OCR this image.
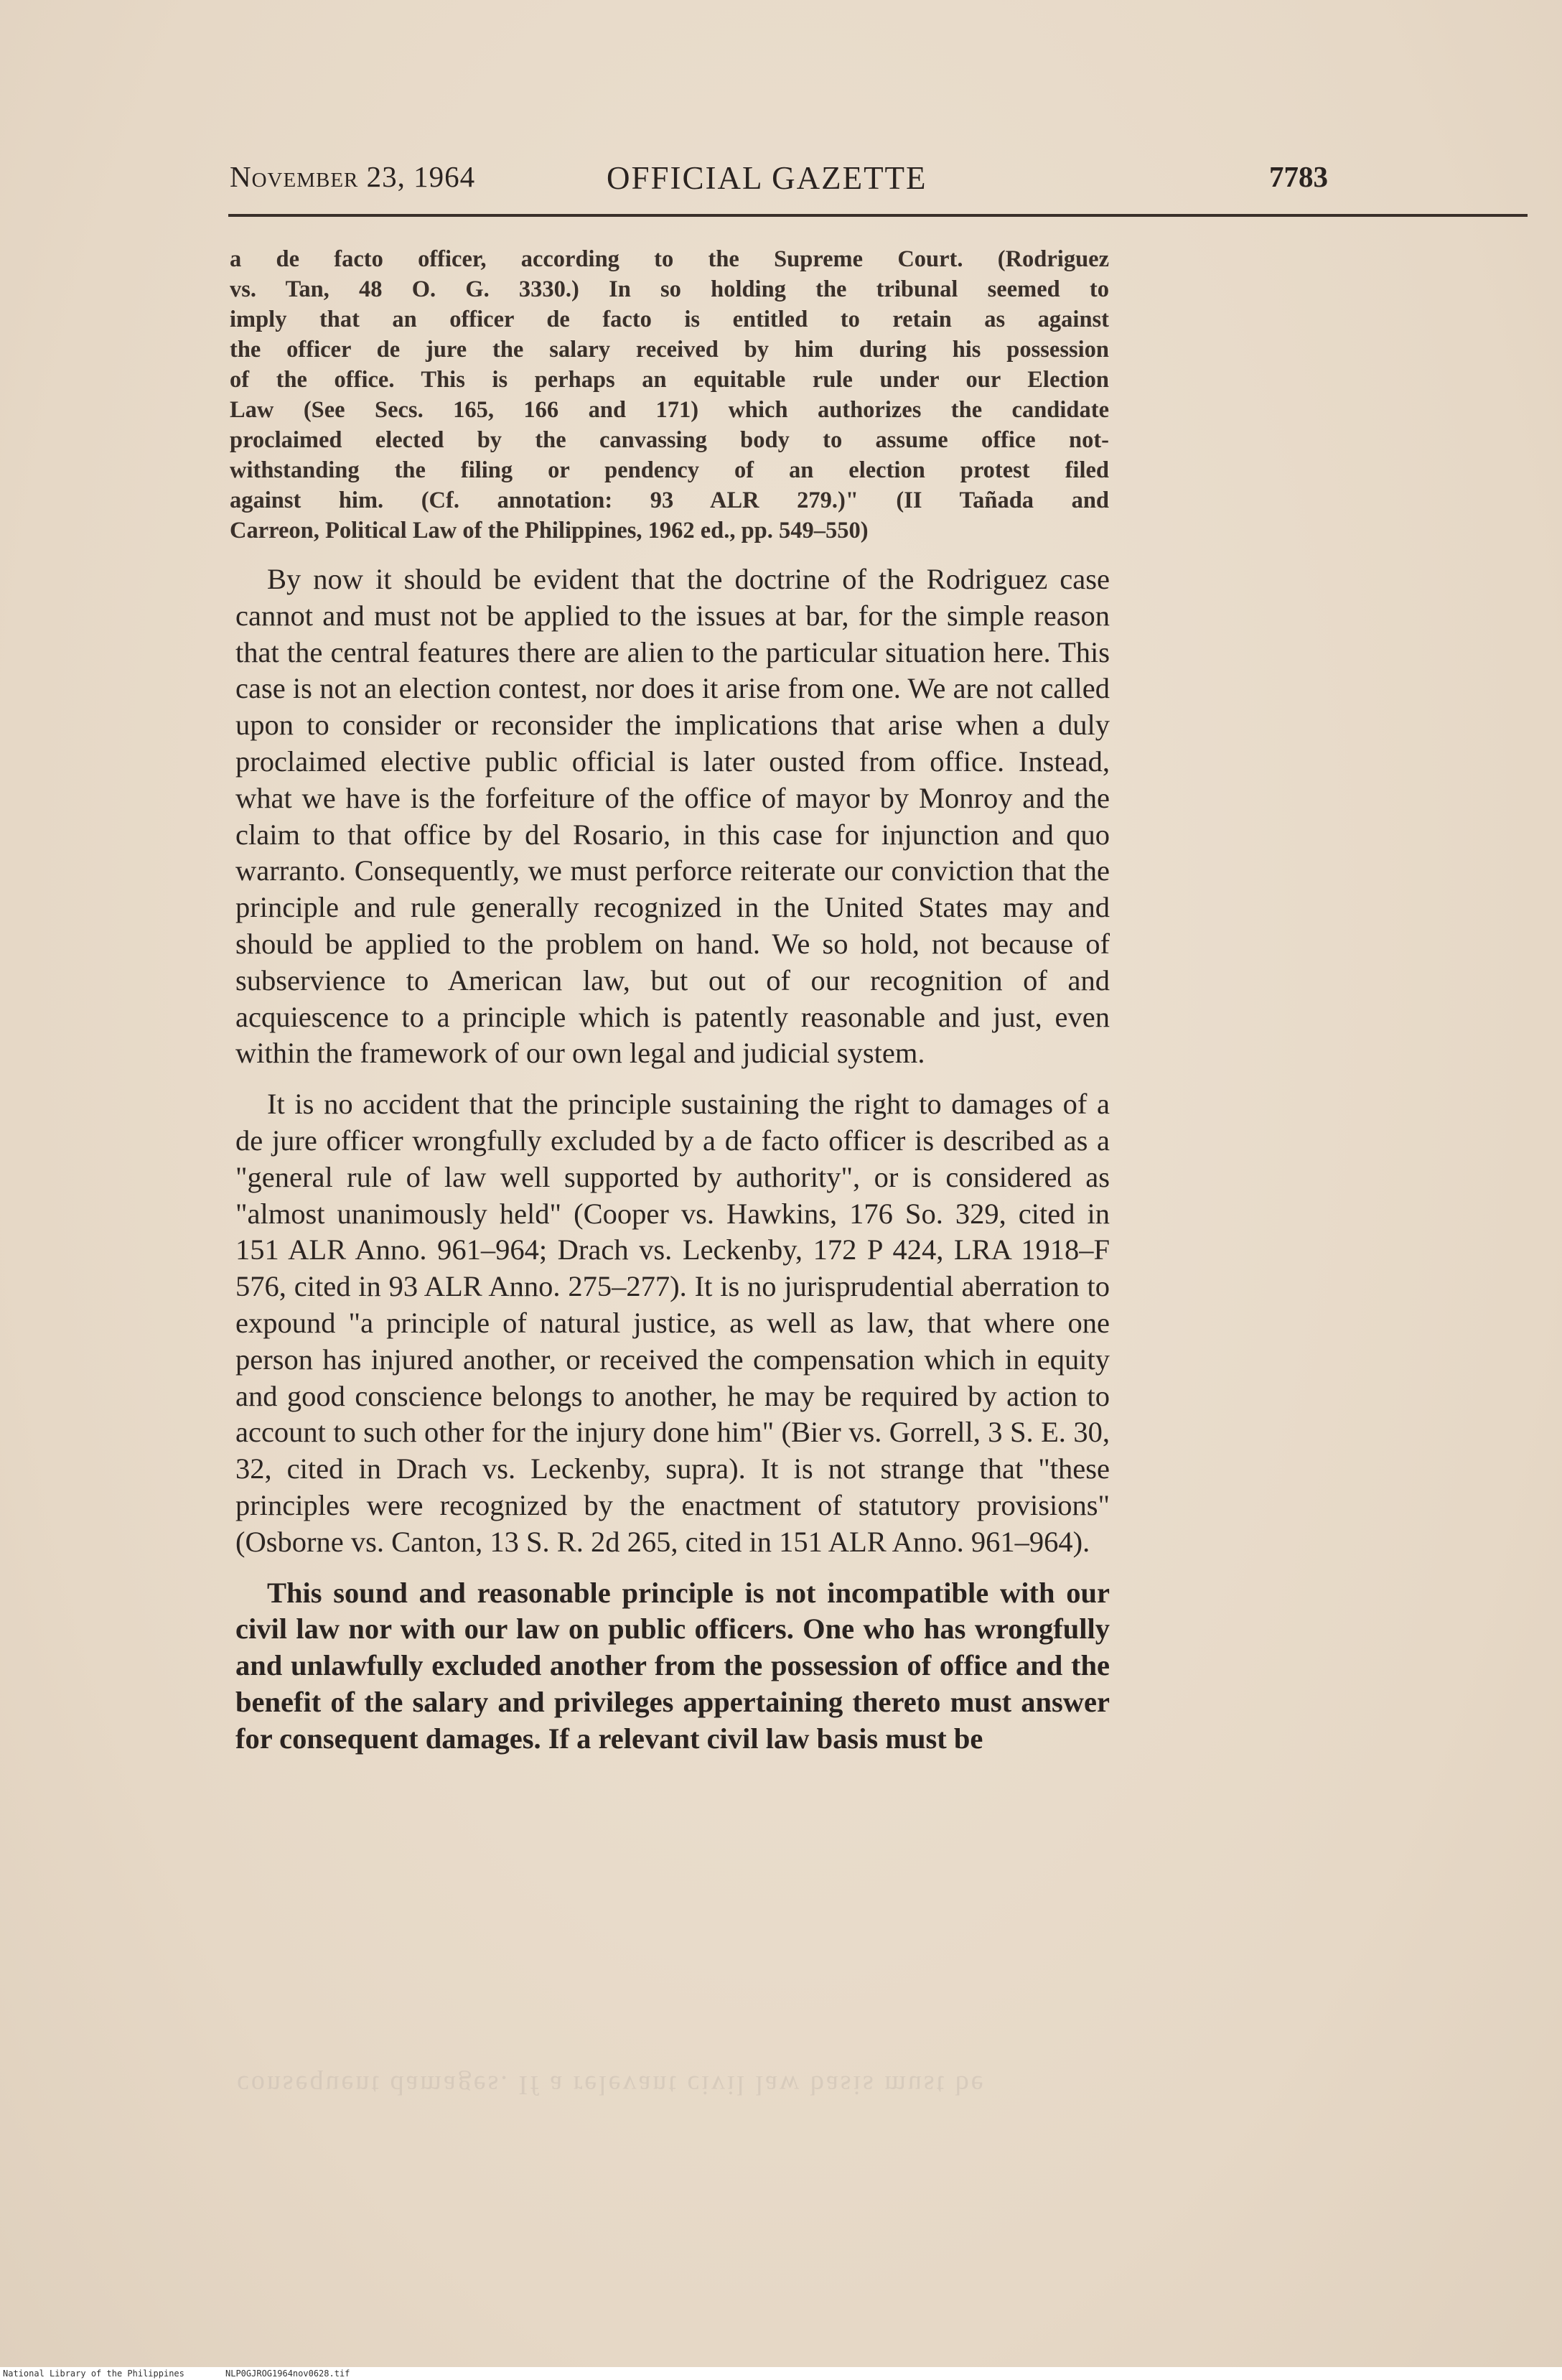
November 23, 1964	OFFICIAL GAZETTE	7783

a de facto officer, according to the Supreme Court. (Rodriguez

vs. Tan, 48 O. G. 3330.) In so holding the tribunal seemed to

imply that an officer de facto is entitled to retain as against

the officer de jure the salary received by him during his possession

of the office. This is perhaps an equitable rule under our Election

Law (See Secs. 165, 166 and 171) which authorizes the candidate

proclaimed elected by the canvassing body to assume office not-

withstanding the filing or pendency of an election protest filed

against him. (Cf. annotation: 93 ALR 279.)" (II Tañada and

Carreon, Political Law of the Philippines, 1962 ed., pp. 549–550)

By now it should be evident that the doctrine of the Rodriguez case cannot and must not be applied to the issues at bar, for the simple reason that the central features there are alien to the particular situation here. This case is not an election contest, nor does it arise from one. We are not called upon to consider or reconsider the implications that arise when a duly proclaimed elective public official is later ousted from office. Instead, what we have is the forfeiture of the office of mayor by Monroy and the claim to that office by del Rosario, in this case for injunction and quo warranto. Consequently, we must perforce reiterate our conviction that the principle and rule generally recognized in the United States may and should be applied to the problem on hand. We so hold, not because of subservience to American law, but out of our recognition of and acquiescence to a principle which is patently reasonable and just, even within the framework of our own legal and judicial system.

It is no accident that the principle sustaining the right to damages of a de jure officer wrongfully excluded by a de facto officer is described as a "general rule of law well supported by authority", or is considered as "almost unanimously held" (Cooper vs. Hawkins, 176 So. 329, cited in 151 ALR Anno. 961–964; Drach vs. Leckenby, 172 P 424, LRA 1918–F 576, cited in 93 ALR Anno. 275–277). It is no jurisprudential aberration to expound "a principle of natural justice, as well as law, that where one person has injured another, or received the compensation which in equity and good conscience belongs to another, he may be required by action to account to such other for the injury done him" (Bier vs. Gorrell, 3 S. E. 30, 32, cited in Drach vs. Leckenby, supra). It is not strange that "these principles were recognized by the enactment of statutory provisions" (Osborne vs. Canton, 13 S. R. 2d 265, cited in 151 ALR Anno. 961–964).

This sound and reasonable principle is not incompatible with our civil law nor with our law on public officers. One who has wrongfully and unlawfully excluded another from the possession of office and the benefit of the salary and privileges appertaining thereto must answer for consequent damages. If a relevant civil law basis must be

consequent damages. If a relevant civil law basis must be
National Library of the Philippines	NLP0GJROG1964nov0628.tif
